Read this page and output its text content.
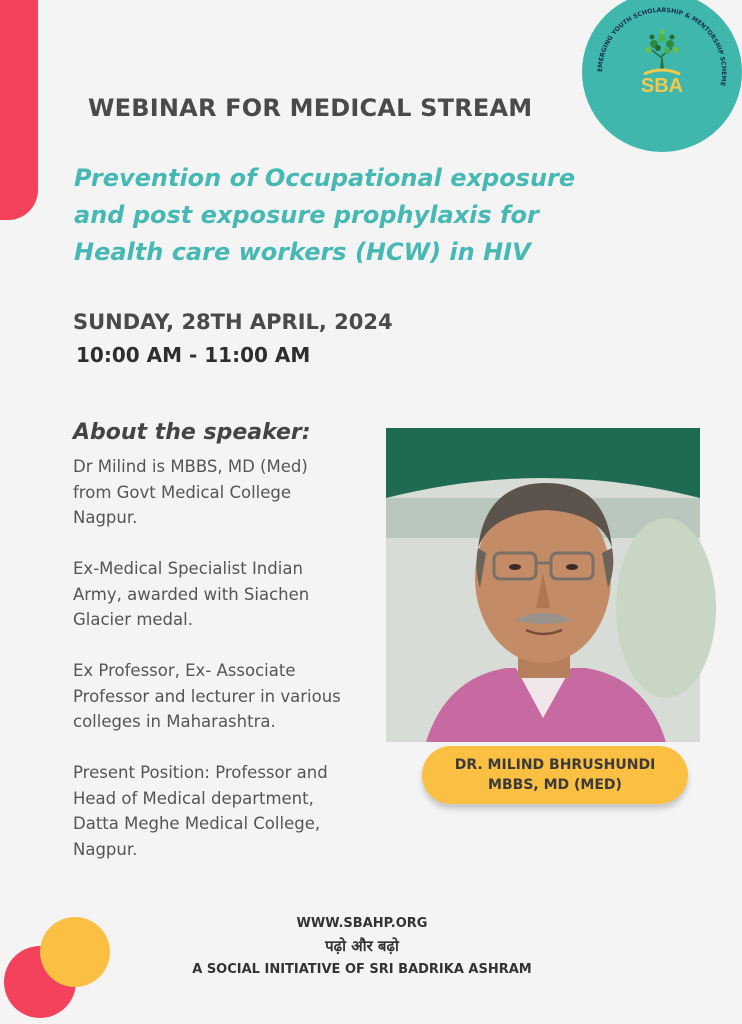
SBA
EMERGING YOUTH SCHOLARSHIP & MENTORSHIP SCHEME
WEBINAR FOR MEDICAL STREAM
Prevention of Occupational exposure
and post exposure prophylaxis for
Health care workers (HCW) in HIV
SUNDAY, 28TH APRIL, 2024
10:00 AM - 11:00 AM
About the speaker:

Dr Milind is MBBS, MD (Med) from Govt Medical College Nagpur.

Ex-Medical Specialist Indian Army, awarded with Siachen Glacier medal.

Ex Professor, Ex- Associate Professor and lecturer in various colleges in Maharashtra.

Present Position: Professor and Head of Medical department, Datta Meghe Medical College, Nagpur.

DR. MILIND BHRUSHUNDI
MBBS, MD (MED)
WWW.SBAHP.ORG
पढ़ो और बढ़ो
A SOCIAL INITIATIVE OF SRI BADRIKA ASHRAM
